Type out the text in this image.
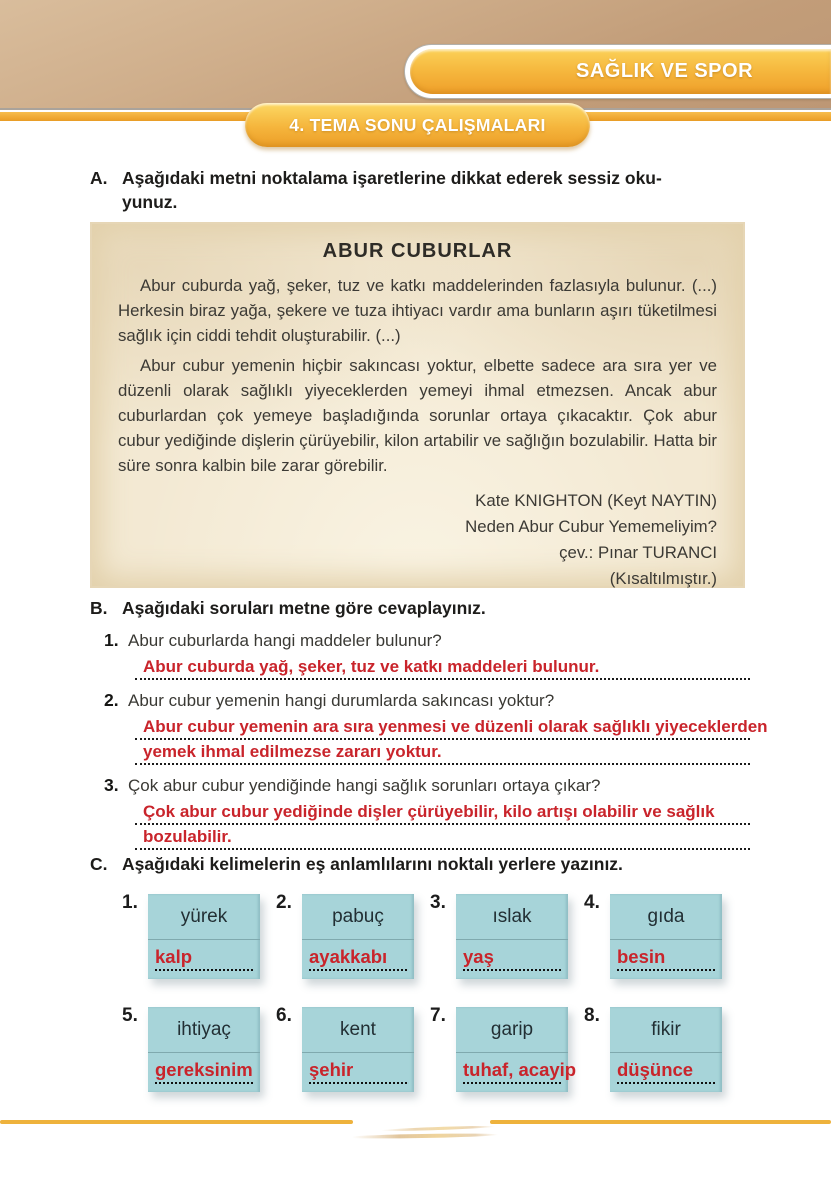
SAĞLIK VE SPOR
4. TEMA SONU ÇALIŞMALARI
A. Aşağıdaki metni noktalama işaretlerine dikkat ederek sessiz oku-
yunuz.
ABUR CUBURLAR

Abur cuburda yağ, şeker, tuz ve katkı maddelerinden fazlasıyla bulunur. (...) Herkesin biraz yağa, şekere ve tuza ihtiyacı vardır ama bunların aşırı tüketilmesi sağlık için ciddi tehdit oluşturabilir. (...)

Abur cubur yemenin hiçbir sakıncası yoktur, elbette sadece ara sıra yer ve düzenli olarak sağlıklı yiyeceklerden yemeyi ihmal etmezsen. Ancak abur cuburlardan çok yemeye başladığında sorunlar ortaya çıkacaktır. Çok abur cubur yediğinde dişlerin çürüyebilir, kilon artabilir ve sağlığın bozulabilir. Hatta bir süre sonra kalbin bile zarar görebilir.

Kate KNIGHTON (Keyt NAYTIN)
Neden Abur Cubur Yememeliyim?
çev.: Pınar TURANCI
(Kısaltılmıştır.)
B. Aşağıdaki soruları metne göre cevaplayınız.
1. Abur cuburlarda hangi maddeler bulunur?
Abur cuburda yağ, şeker, tuz ve katkı maddeleri bulunur.
2. Abur cubur yemenin hangi durumlarda sakıncası yoktur?
Abur cubur yemenin ara sıra yenmesi ve düzenli olarak sağlıklı yiyeceklerden
yemek ihmal edilmezse zararı yoktur.
3. Çok abur cubur yendiğinde hangi sağlık sorunları ortaya çıkar?
Çok abur cubur yediğinde dişler çürüyebilir, kilo artışı olabilir ve sağlık
bozulabilir.
C. Aşağıdaki kelimelerin eş anlamlılarını noktalı yerlere yazınız.
1.
yürek
kalp
2.
pabuç
ayakkabı
3.
ıslak
yaş
4.
gıda
besin
5.
ihtiyaç
gereksinim
6.
kent
şehir
7.
garip
tuhaf, acayip
8.
fikir
düşünce
